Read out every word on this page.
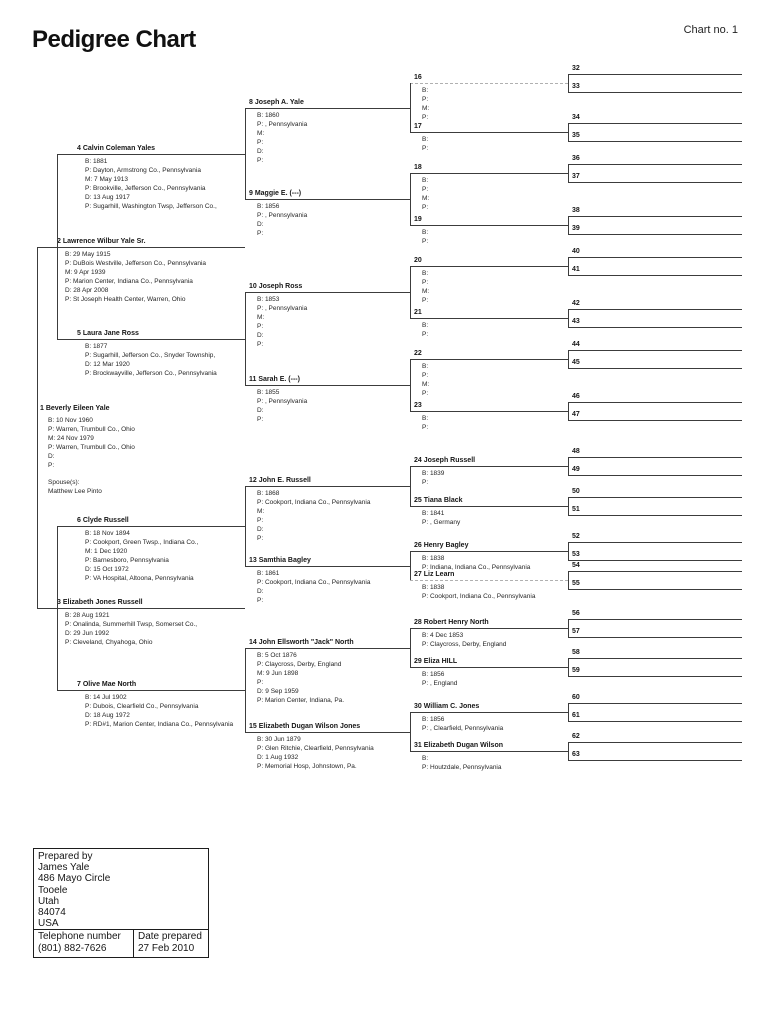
Pedigree Chart	Chart no. 1
1 Beverly Eileen Yale
B: 10 Nov 1960
P: Warren, Trumbull Co., Ohio
M: 24 Nov 1979
P: Warren, Trumbull Co., Ohio
D:
P:
Spouse(s):
Matthew Lee Pinto
2 Lawrence Wilbur Yale Sr.
B: 29 May 1915
P: DuBois Westville, Jefferson Co., Pennsylvania
M: 9 Apr 1939
P: Marion Center, Indiana Co., Pennsylvania
D: 28 Apr 2008
P: St Joseph Health Center, Warren, Ohio
3 Elizabeth Jones Russell
B: 28 Aug 1921
P: Onalinda, Summerhill Twsp, Somerset Co.,
D: 29 Jun 1992
P: Cleveland, Chyahoga, Ohio
4 Calvin Coleman Yales
B: 1881
P: Dayton, Armstrong Co., Pennsylvania
M: 7 May 1913
P: Brookville, Jefferson Co., Pennsylvania
D: 13 Aug 1917
P: Sugarhill, Washington Twsp, Jefferson Co.,
5 Laura Jane Ross
B: 1877
P: Sugarhill, Jefferson Co., Snyder Township,
D: 12 Mar 1920
P: Brockwayville, Jefferson Co., Pennsylvania
6 Clyde Russell
B: 18 Nov 1894
P: Cookport, Green Twsp., Indiana Co.,
M: 1 Dec 1920
P: Barnesboro, Pennsylvania
D: 15 Oct 1972
P: VA Hospital, Altoona, Pennsylvania
7 Olive Mae North
B: 14 Jul 1902
P: Dubois, Clearfield Co., Pennsylvania
D: 18 Aug 1972
P: RD#1, Marion Center, Indiana Co., Pennsylvania
8 Joseph A. Yale
B: 1860
P: , Pennsylvania
M:
P:
D:
P:
9 Maggie E. (---)
B: 1856
P: , Pennsylvania
D:
P:
10 Joseph Ross
B: 1853
P: , Pennsylvania
M:
P:
D:
P:
11 Sarah E. (---)
B: 1855
P: , Pennsylvania
D:
P:
12 John E. Russell
B: 1868
P: Cookport, Indiana Co., Pennsylvania
M:
P:
D:
P:
13 Samthia Bagley
B: 1861
P: Cookport, Indiana Co., Pennsylvania
D:
P:
14 John Ellsworth "Jack" North
B: 5 Oct 1876
P: Claycross, Derby, England
M: 9 Jun 1898
P:
D: 9 Sep 1959
P: Marion Center, Indiana, Pa.
15 Elizabeth Dugan Wilson Jones
B: 30 Jun 1879
P: Glen Ritchie, Clearfield, Pennsylvania
D: 1 Aug 1932
P: Memorial Hosp, Johnstown, Pa.
16
B:
P:
M:
P:
17
B:
P:
18
B:
P:
M:
P:
19
B:
P:
20
B:
P:
M:
P:
21
B:
P:
22
B:
P:
M:
P:
23
B:
P:
24 Joseph Russell
B: 1839
P:
25 Tiana Black
B: 1841
P: , Germany
26 Henry Bagley
B: 1838
P: Indiana, Indiana Co., Pennsylvania
27 Liz Learn
B: 1838
P: Cookport, Indiana Co., Pennsylvania
28 Robert Henry North
B: 4 Dec 1853
P: Claycross, Derby, England
29 Eliza HILL
B: 1856
P: , England
30 William C. Jones
B: 1856
P: , Clearfield, Pennsylvania
31 Elizabeth Dugan Wilson
B:
P: Houtzdale, Pennsylvania
32
33
34
35
36
37
38
39
40
41
42
43
44
45
46
47
48
49
50
51
52
53
54
55
56
57
58
59
60
61
62
63
Prepared by
James Yale
486 Mayo Circle
Tooele
Utah
84074
USA
Telephone number
(801) 882-7626
Date prepared
27 Feb 2010
